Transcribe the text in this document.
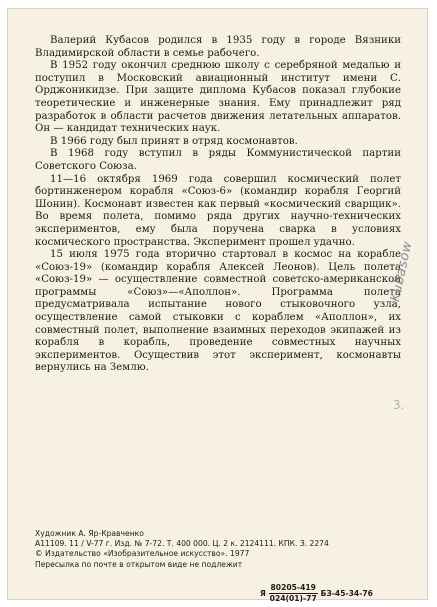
Валерий Кубасов родился в 1935 году в городе Вязники Владимирской области в семье рабочего.

В 1952 году окончил среднюю школу с серебряной медалью и поступил в Московский авиационный институт имени С. Орджоникидзе. При защите диплома Кубасов показал глубокие теоретические и инженерные знания. Ему принадлежит ряд разработок в области расчетов движения летательных аппаратов. Он — кандидат технических наук.

В 1966 году был принят в отряд космонавтов.

В 1968 году вступил в ряды Коммунистической партии Советского Союза.

11—16 октября 1969 года совершил космический полет бортинженером корабля «Союз-6» (командир корабля Георгий Шонин). Космонавт известен как первый «космический сварщик». Во время полета, помимо ряда других научно-технических экспериментов, ему была поручена сварка в условиях космического пространства. Эксперимент прошел удачно.

15 июля 1975 года вторично стартовал в космос на корабле «Союз-19» (командир корабля Алексей Леонов). Цель полета «Союз-19» — осуществление совместной советско-американской программы «Союз»—«Аполлон». Программа полета предусматривала испытание нового стыковочного узла, осуществление самой стыковки с кораблем «Аполлон», их совместный полет, выполнение взаимных переходов экипажей из корабля в корабль, проведение совместных научных экспериментов. Осуществив этот эксперимент, космонавты вернулись на Землю.

Художник А. Яр-Кравченко
А11109. 11 / V-77 г. Изд. № 7-72. Т. 400 000. Ц. 2 к. 2124111. КПК. З. 2274
© Издательство «Изобразительное искусство». 1977
Пересылка по почте в открытом виде не подлежит
Я $\frac{80205-419}{024(01)-77} БЗ-45-34-76$
Kubasow
3.
